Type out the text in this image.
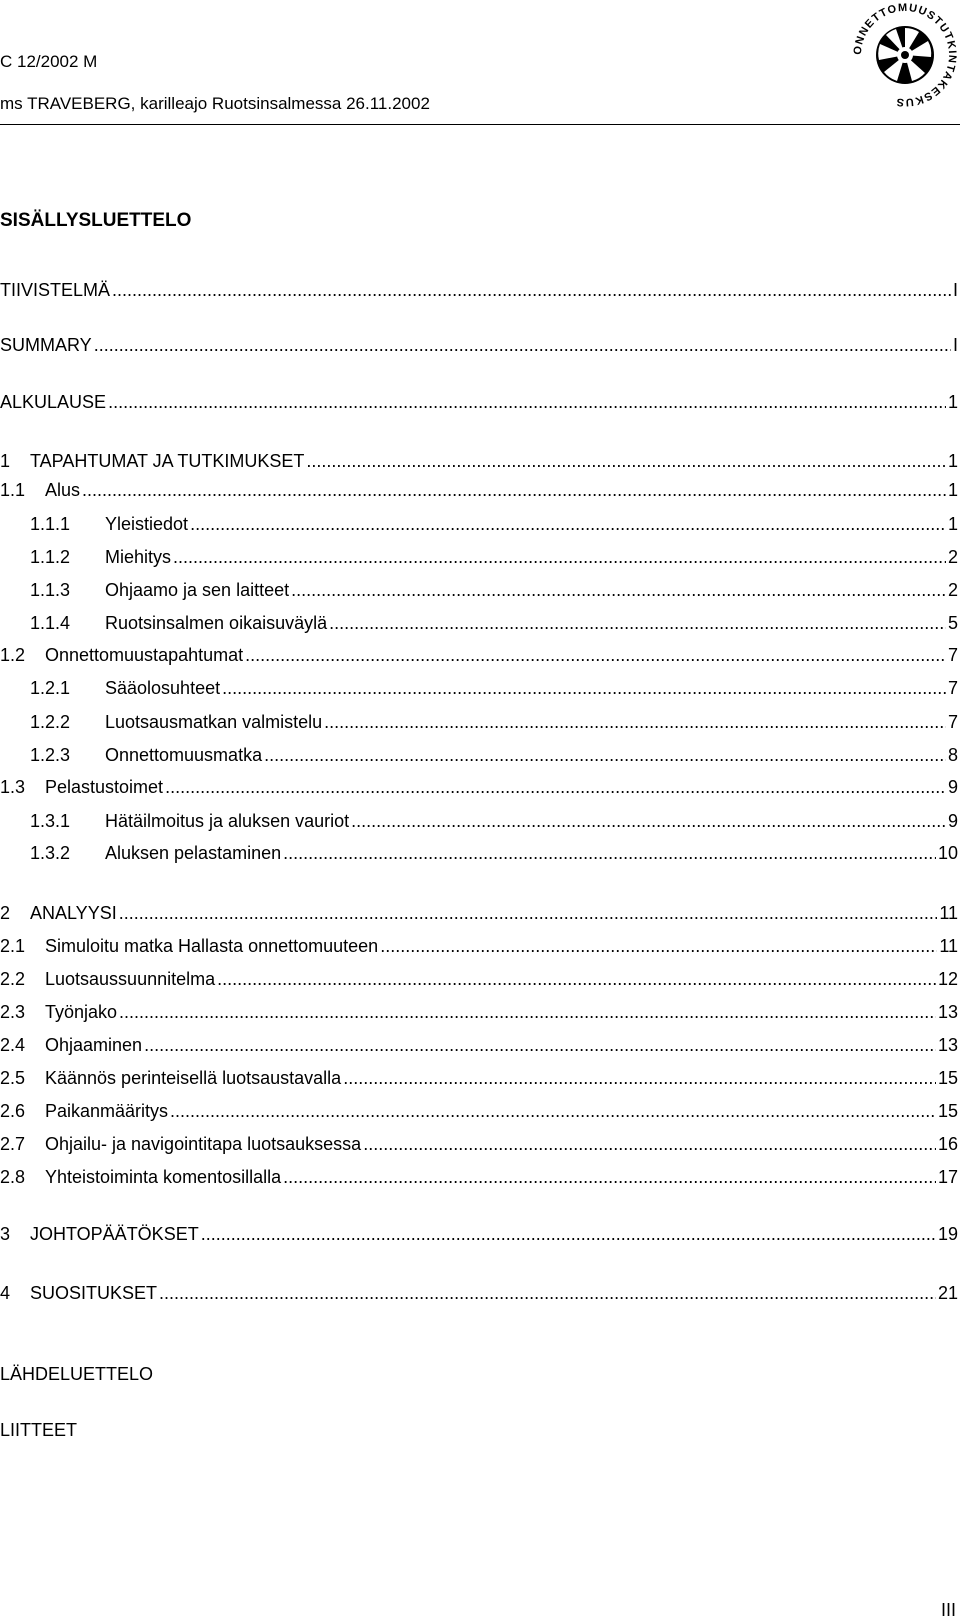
C 12/2002 M
ms TRAVEBERG, karilleajo Ruotsinsalmessa 26.11.2002
ONNETTOMUUSTUTKINTAKESKUS
SISÄLLYSLUETTELO
TIIVISTELMÄ .....	I
SUMMARY .....	I
ALKULAUSE .....	1
1	TAPAHTUMAT JA TUTKIMUKSET .....	1
1.1	Alus .....	1
1.1.1	Yleistiedot .....	1
1.1.2	Miehitys .....	2
1.1.3	Ohjaamo ja sen laitteet .....	2
1.1.4	Ruotsinsalmen oikaisuväylä .....	5
1.2	Onnettomuustapahtumat .....	7
1.2.1	Sääolosuhteet .....	7
1.2.2	Luotsausmatkan valmistelu .....	7
1.2.3	Onnettomuusmatka .....	8
1.3	Pelastustoimet .....	9
1.3.1	Hätäilmoitus ja aluksen vauriot .....	9
1.3.2	Aluksen pelastaminen .....	10
2	ANALYYSI .....	11
2.1	Simuloitu matka Hallasta onnettomuuteen .....	11
2.2	Luotsaussuunnitelma .....	12
2.3	Työnjako .....	13
2.4	Ohjaaminen .....	13
2.5	Käännös perinteisellä luotsaustavalla .....	15
2.6	Paikanmääritys .....	15
2.7	Ohjailu- ja navigointitapa luotsauksessa .....	16
2.8	Yhteistoiminta komentosillalla .....	17
3	JOHTOPÄÄTÖKSET .....	19
4	SUOSITUKSET .....	21
LÄHDELUETTELO
LIITTEET
III
